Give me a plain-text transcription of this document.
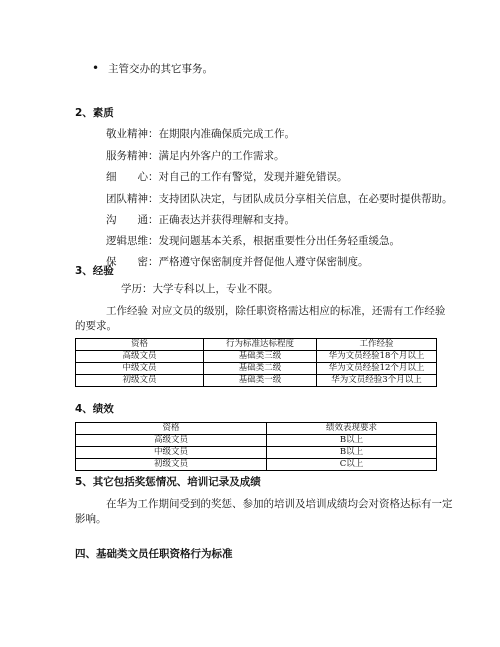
• 主管交办的其它事务。
2、素质
敬业精神：在期限内准确保质完成工作。
服务精神：满足内外客户的工作需求。
细　　心：对自己的工作有警觉，发现并避免错误。
团队精神：支持团队决定，与团队成员分享相关信息，在必要时提供帮助。
沟　　通：正确表达并获得理解和支持。
逻辑思维：发现问题基本关系，根据重要性分出任务轻重缓急。
保　　密：严格遵守保密制度并督促他人遵守保密制度。
3、经验
学历：大学专科以上，专业不限。
工作经验 对应文员的级别，除任职资格需达相应的标准，还需有工作经验
的要求。
资格	行为标准达标程度	工作经验
高级文员	基础类三级	华为文员经验18个月以上
中级文员	基础类二级	华为文员经验12个月以上
初级文员	基础类一级	华为文员经验3个月以上
4、绩效
资格	绩效表现要求
高级文员	B以上
中级文员	B以上
初级文员	C以上
5、其它包括奖惩情况、培训记录及成绩
在华为工作期间受到的奖惩、参加的培训及培训成绩均会对资格达标有一定
影响。
四、基础类文员任职资格行为标准
